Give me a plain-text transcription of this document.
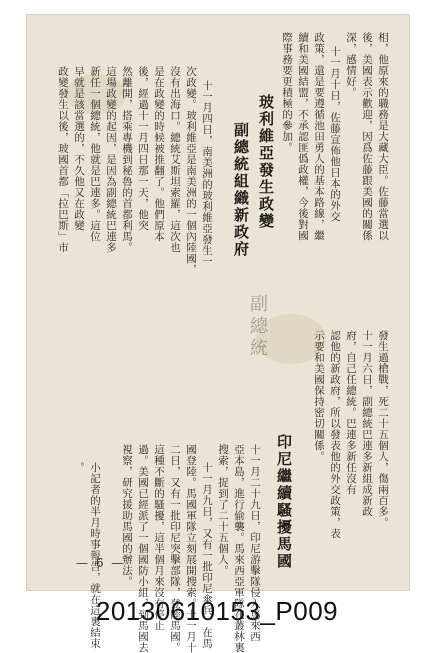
相，他原來的職務是大藏大臣。佐藤當選以
後，美國表示歡迎，因爲佐藤跟美國的關係
深，感情好。
十一月十日，佐藤宣佈他日本的外交
政策，還是要遵循池田勇人的基本路線，繼
續和美國結盟，不承認匪僞政權，今後對國
際事務要更積極的參加。
玻利維亞發生政變
副總統組織新政府
十一月四日，南美洲的玻利維亞發生一
次政變。玻利維亞是南美洲的一個內陸國，
沒有出海口。總統艾斯坦索羅，這次也
是在政變的時候被推翻了。他們原本
後，經過十一月四日那一天，他突
然離開，搭乘專機到秘魯的首都利馬。
這場政變的起因，是因為副總統巴連多
新任一個總統，他就是巴連多。這位
早就是該當選的，不久他又在政變
政變發生以後，玻國首都「拉巴斯」市
發生過槍戰，死二十五個人，傷兩百多。
十一月六日，副總統巴連多新組成新政
府，自己任總統。巴連多新任沒有
認他的新政府，所以發表他的外交政策，表
示要和美國保持密切關係。
印尼繼續騷擾馬國
十一月二十九日，印尼游擊隊侵入馬來西
亞本島，進行偷襲。馬來西亞軍隊在叢林裏
搜索，捉到了二十五個人。
十一月九日，又有一批印尼傘兵，在馬
國登陸。馬國軍隊立刻展開搜索。十一月十
二日，又有一批印尼突擊部隊，登陸馬國。
這種不斷的騷擾，這半個月來沒有停止
過。美國已經派了一個國防小組，到馬國去
視察，研究援助馬國的辦法。
小記者的半月時事報告，就在這裏結束
。
副總統
— 6 —
20130610153_P009
